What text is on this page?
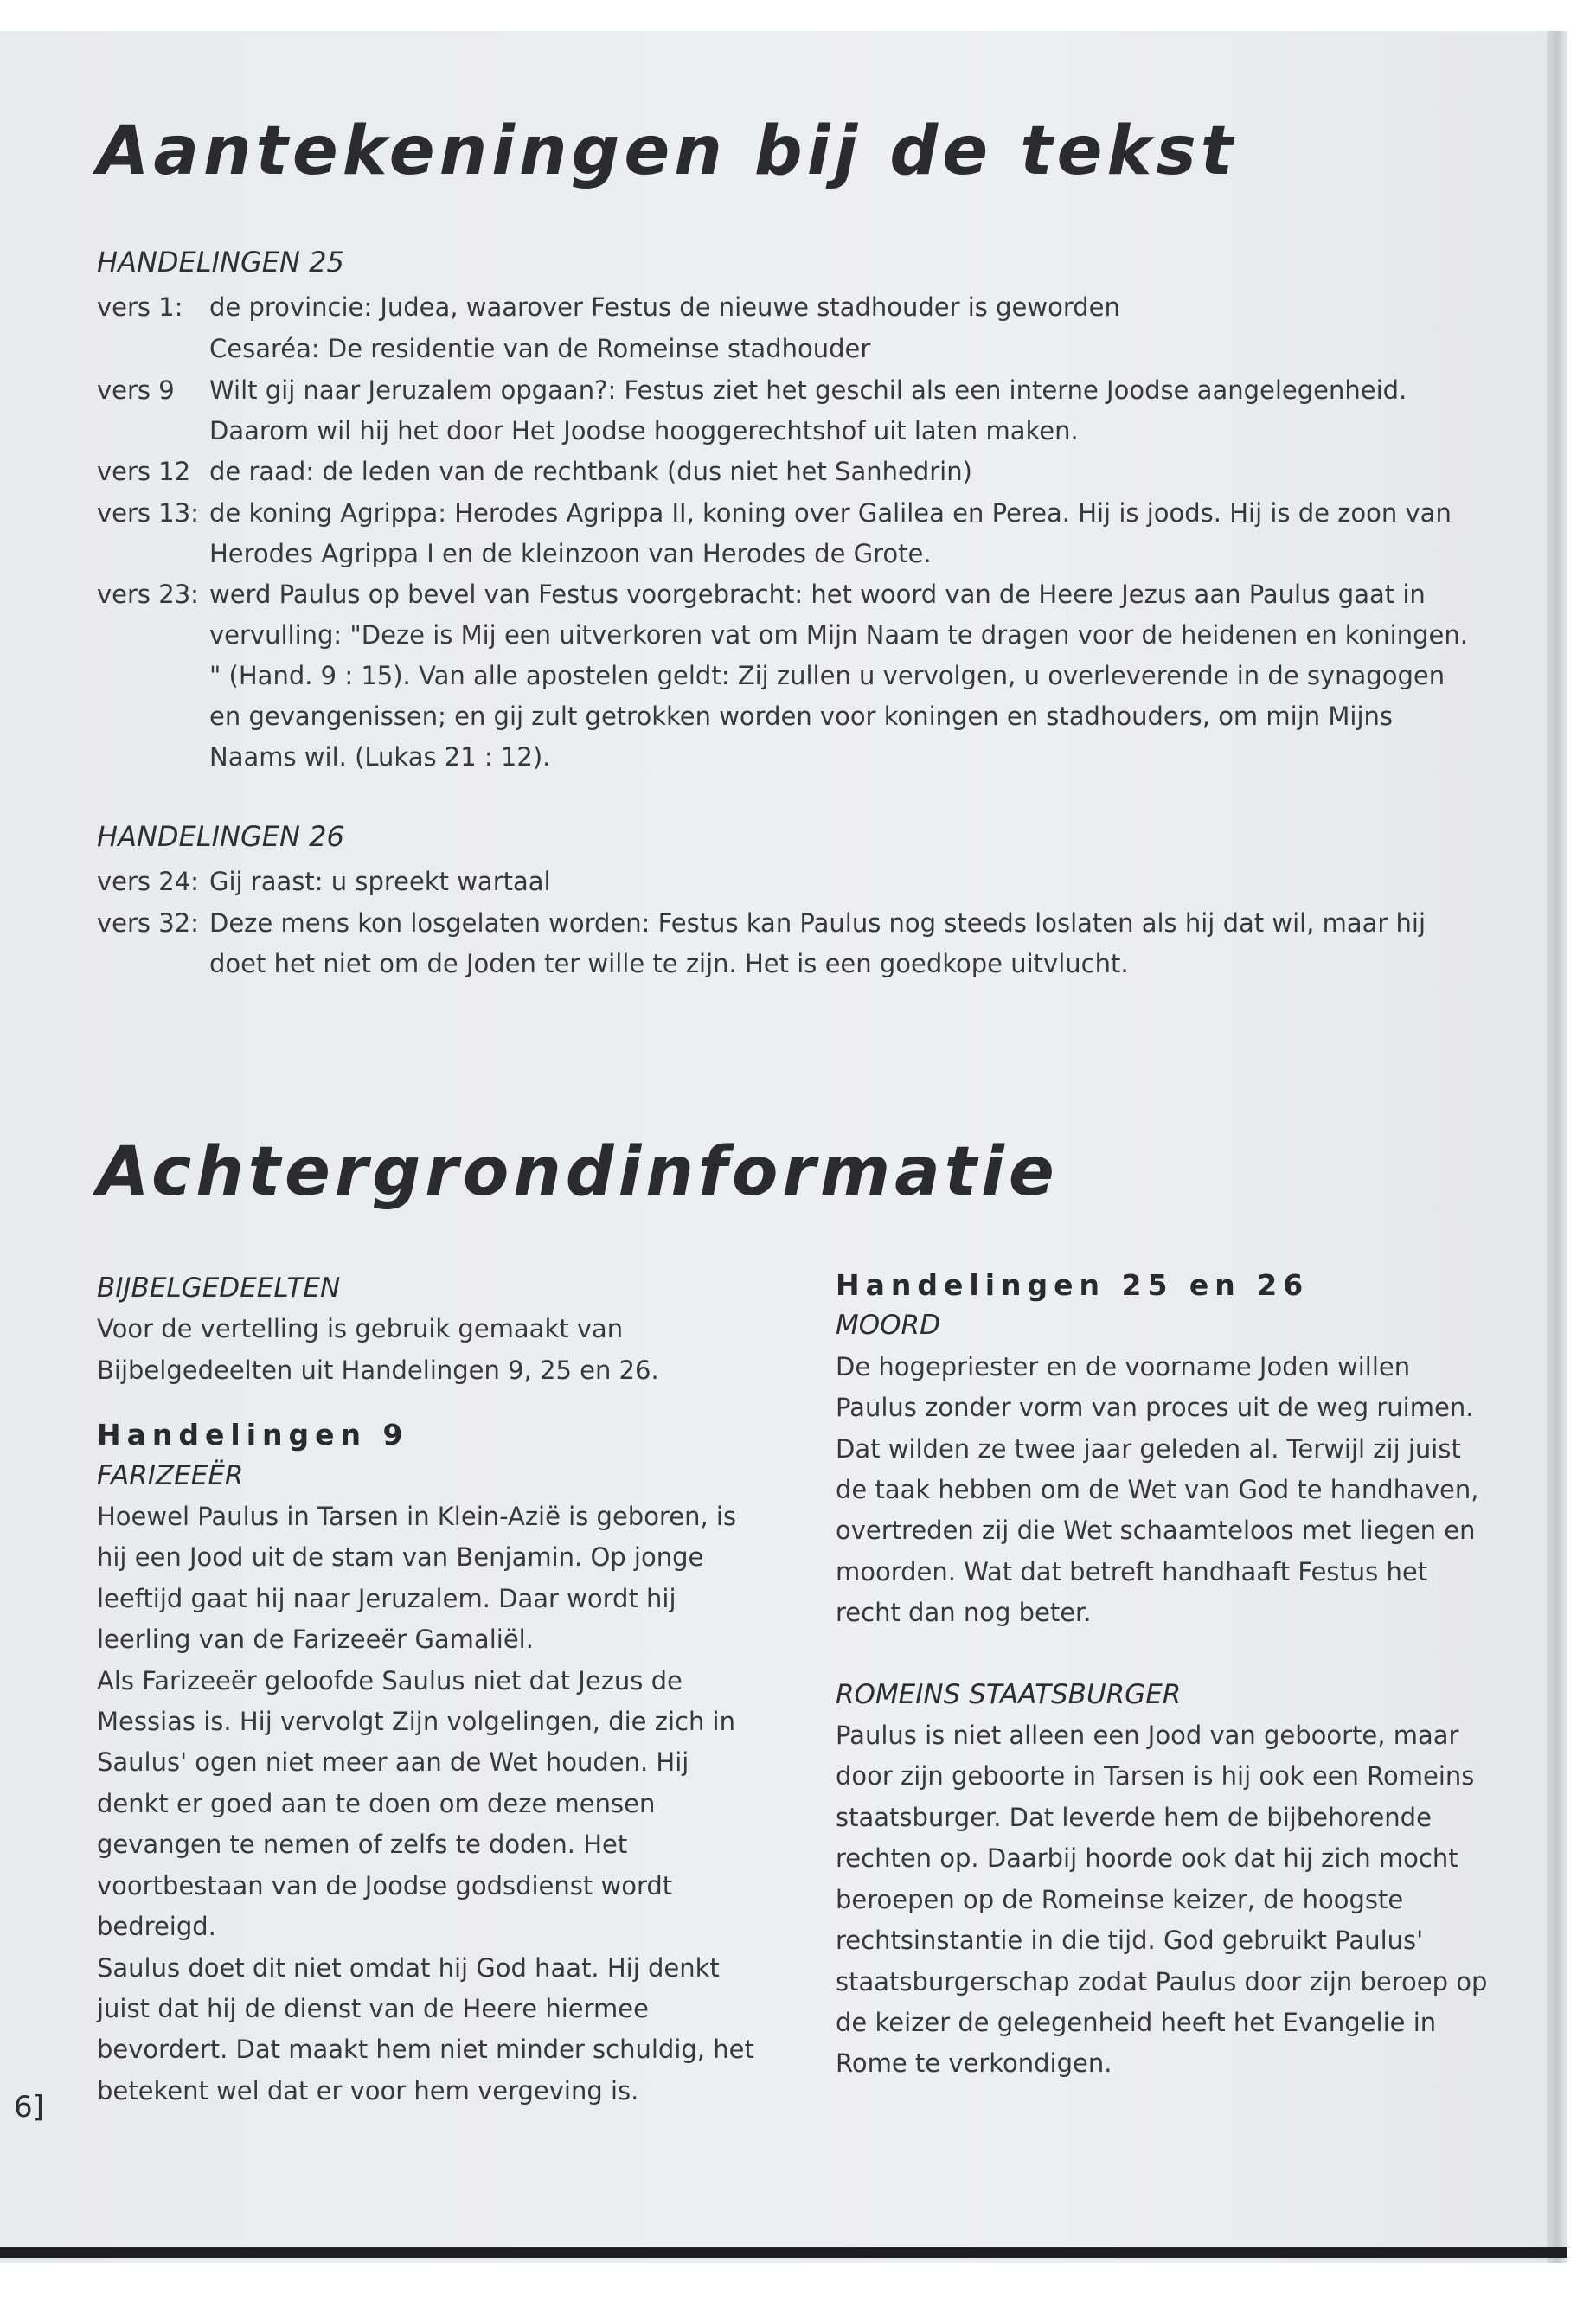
Aantekeningen bij de tekst
HANDELINGEN 25
vers 1:	de provincie: Judea, waarover Festus de nieuwe stadhouder is geworden
Cesaréa: De residentie van de Romeinse stadhouder
vers 9	Wilt gij naar Jeruzalem opgaan?: Festus ziet het geschil als een interne Joodse aangelegenheid. Daarom wil hij het door Het Joodse hooggerechtshof uit laten maken.
vers 12 de raad: de leden van de rechtbank (dus niet het Sanhedrin)
vers 13: de koning Agrippa: Herodes Agrippa II, koning over Galilea en Perea. Hij is joods. Hij is de zoon van Herodes Agrippa I en de kleinzoon van Herodes de Grote.
vers 23: werd Paulus op bevel van Festus voorgebracht: het woord van de Heere Jezus aan Paulus gaat in vervulling: "Deze is Mij een uitverkoren vat om Mijn Naam te dragen voor de heidenen en koningen. " (Hand. 9 : 15). Van alle apostelen geldt: Zij zullen u vervolgen, u overleverende in de synagogen en gevangenissen; en gij zult getrokken worden voor koningen en stadhouders, om mijn Mijns Naams wil. (Lukas 21 : 12).
HANDELINGEN 26
vers 24: Gij raast: u spreekt wartaal
vers 32: Deze mens kon losgelaten worden: Festus kan Paulus nog steeds loslaten als hij dat wil, maar hij doet het niet om de Joden ter wille te zijn. Het is een goedkope uitvlucht.
Achtergrondinformatie
BIJBELGEDEELTEN

Voor de vertelling is gebruik gemaakt van Bijbelgedeelten uit Handelingen 9, 25 en 26.

Handelingen 9
FARIZEEËR

Hoewel Paulus in Tarsen in Klein-Azië is geboren, is hij een Jood uit de stam van Benjamin. Op jonge leeftijd gaat hij naar Jeruzalem. Daar wordt hij leerling van de Farizeeër Gamaliël.

Als Farizeeër geloofde Saulus niet dat Jezus de Messias is. Hij vervolgt Zijn volgelingen, die zich in Saulus' ogen niet meer aan de Wet houden. Hij denkt er goed aan te doen om deze mensen gevangen te nemen of zelfs te doden. Het voortbestaan van de Joodse godsdienst wordt bedreigd.

Saulus doet dit niet omdat hij God haat. Hij denkt juist dat hij de dienst van de Heere hiermee bevordert. Dat maakt hem niet minder schuldig, het betekent wel dat er voor hem vergeving is.

Handelingen 25 en 26
MOORD

De hogepriester en de voorname Joden willen Paulus zonder vorm van proces uit de weg ruimen. Dat wilden ze twee jaar geleden al. Terwijl zij juist de taak hebben om de Wet van God te handhaven, overtreden zij die Wet schaamteloos met liegen en moorden. Wat dat betreft handhaaft Festus het recht dan nog beter.

ROMEINS STAATSBURGER

Paulus is niet alleen een Jood van geboorte, maar door zijn geboorte in Tarsen is hij ook een Romeins staatsburger. Dat leverde hem de bijbehorende rechten op. Daarbij hoorde ook dat hij zich mocht beroepen op de Romeinse keizer, de hoogste rechtsinstantie in die tijd. God gebruikt Paulus' staatsburgerschap zodat Paulus door zijn beroep op de keizer de gelegenheid heeft het Evangelie in Rome te verkondigen.

6]
